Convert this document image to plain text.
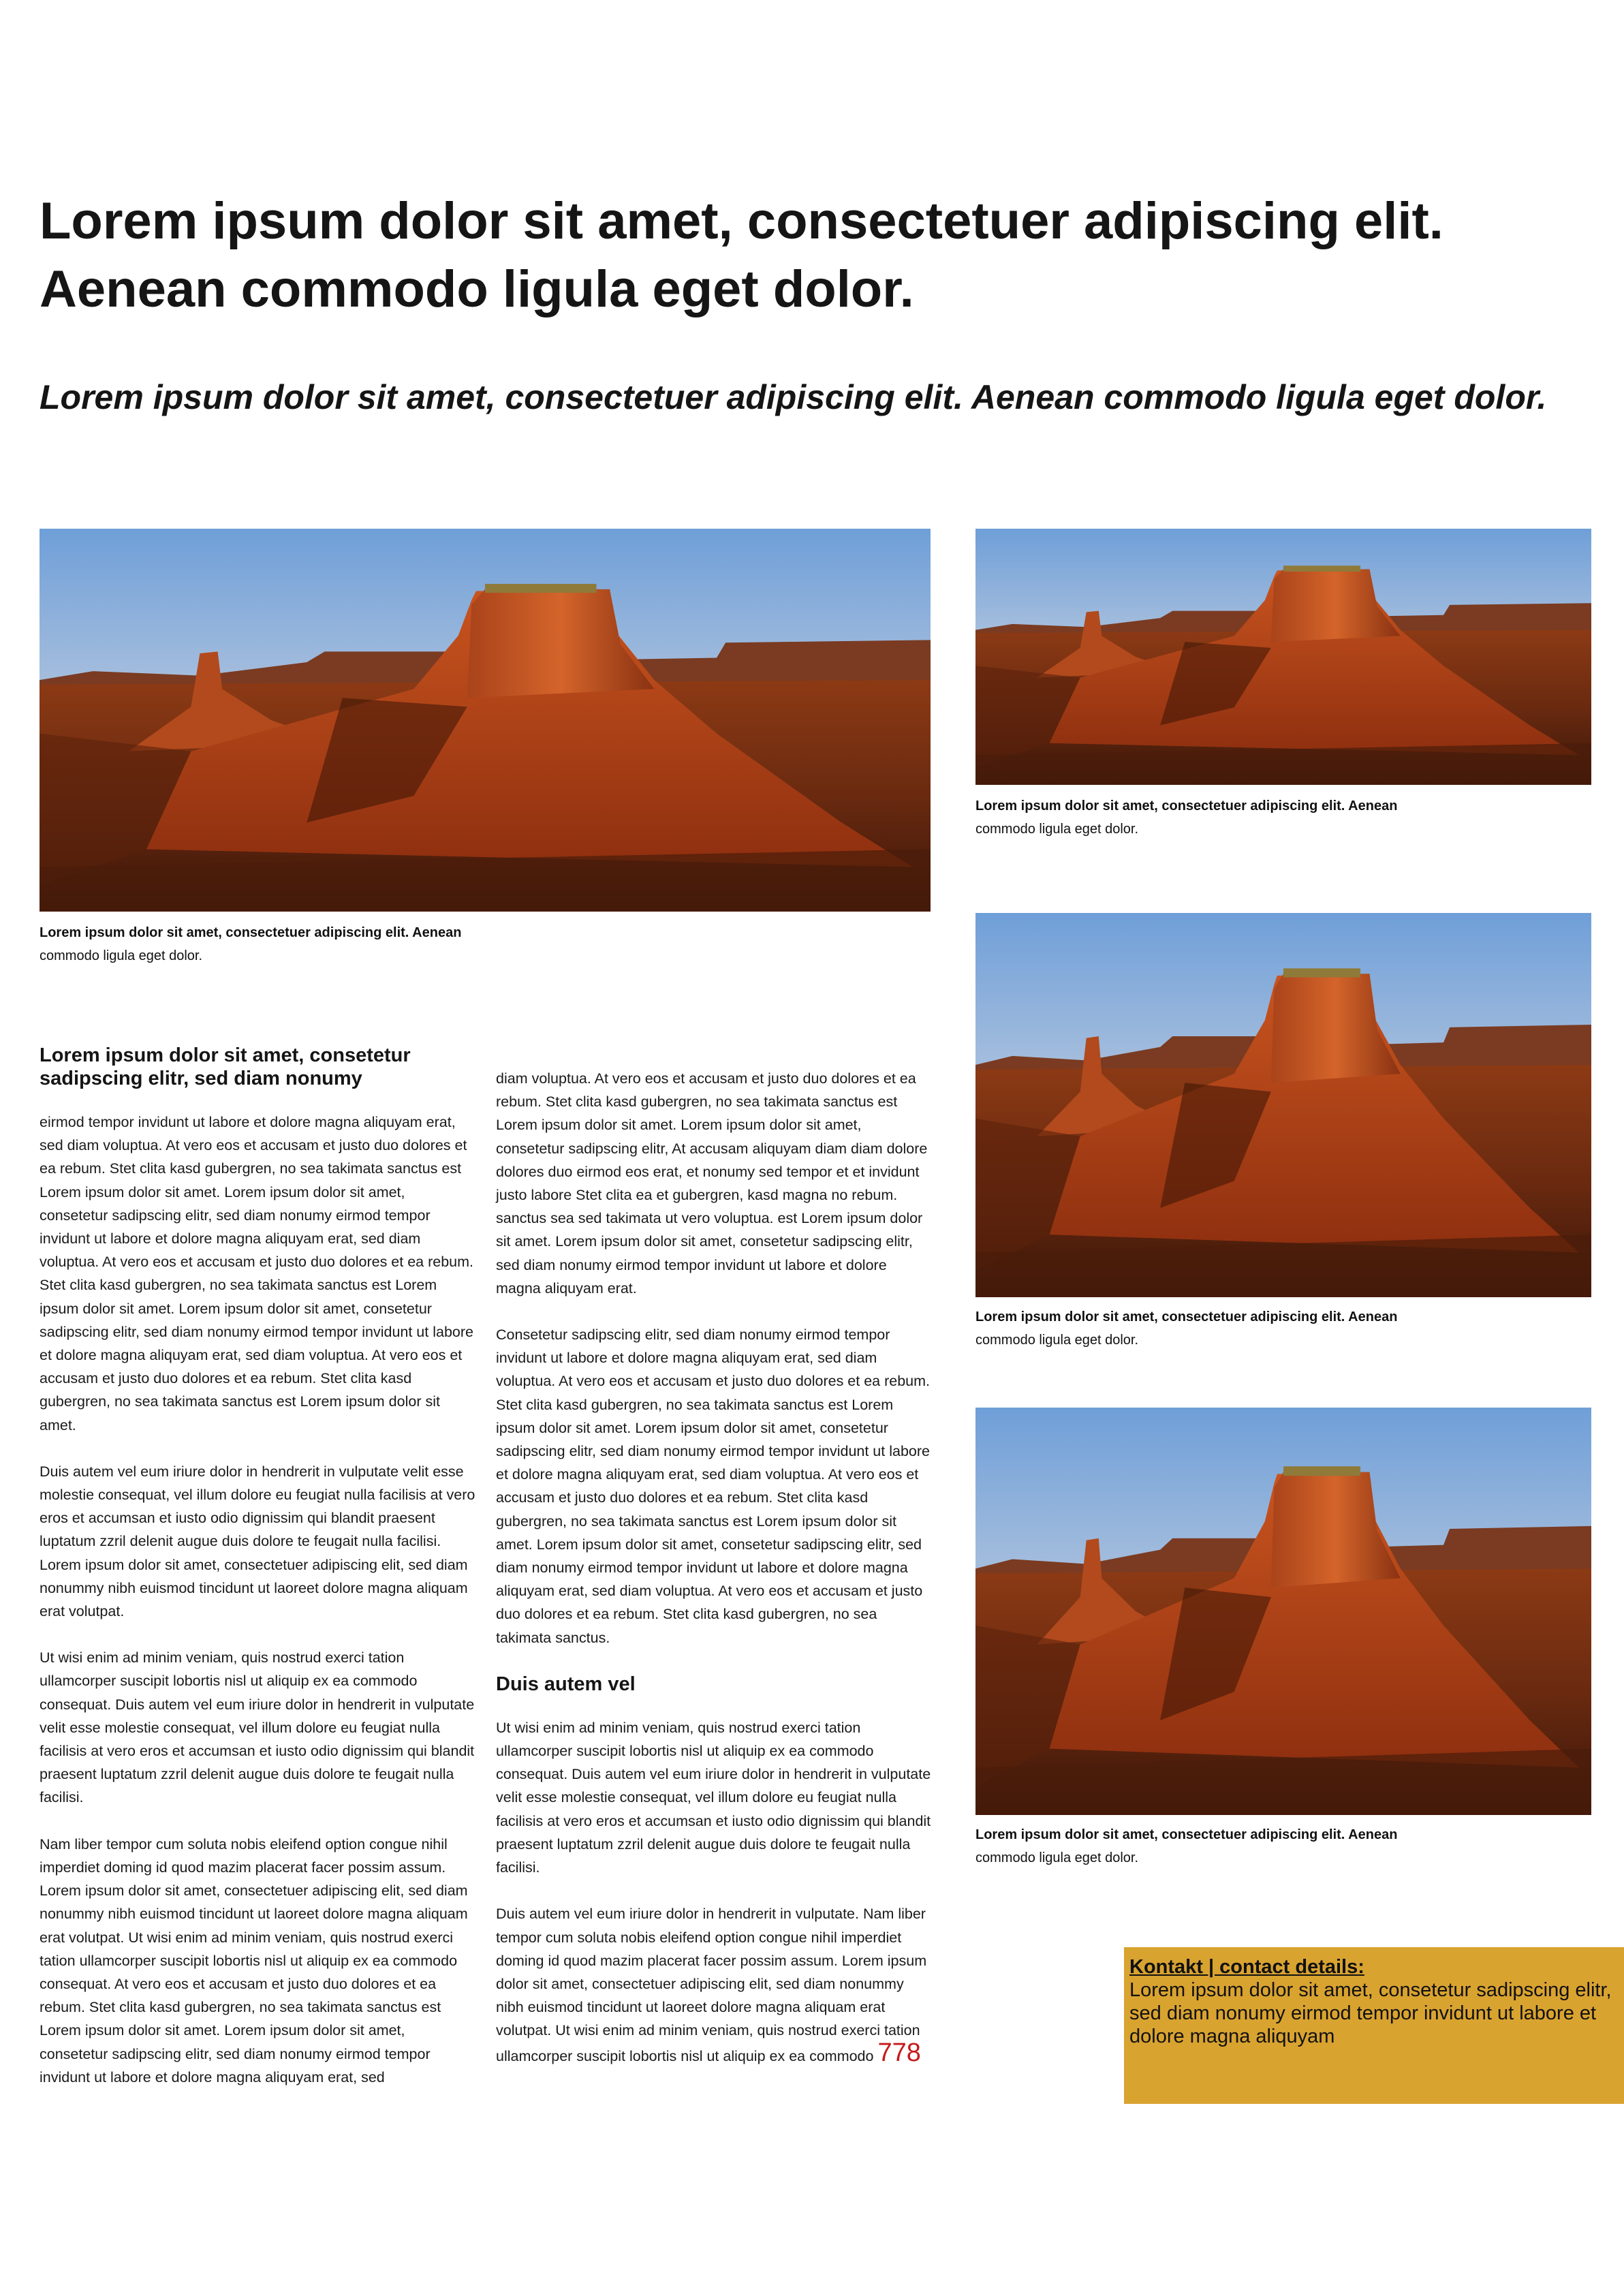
Lorem ipsum dolor sit amet, consectetuer adipiscing elit. Aenean commodo ligula eget dolor.

Lorem ipsum dolor sit amet, consectetuer adipiscing elit. Aenean commodo ligula eget dolor.

Lorem ipsum dolor sit amet, consectetuer adipiscing elit. Aenean
commodo ligula eget dolor.
Lorem ipsum dolor sit amet, consectetuer adipiscing elit. Aenean
commodo ligula eget dolor.
Lorem ipsum dolor sit amet, consectetuer adipiscing elit. Aenean
commodo ligula eget dolor.
Lorem ipsum dolor sit amet, consectetuer adipiscing elit. Aenean
commodo ligula eget dolor.
Lorem ipsum dolor sit amet, consetetur sadipscing elitr, sed diam nonumy

eirmod tempor invidunt ut labore et dolore magna aliquyam erat, sed diam voluptua. At vero eos et accusam et justo duo dolores et ea rebum. Stet clita kasd gubergren, no sea takimata sanctus est Lorem ipsum dolor sit amet. Lorem ipsum dolor sit amet, consetetur sadipscing elitr, sed diam nonumy eirmod tempor invidunt ut labore et dolore magna aliquyam erat, sed diam voluptua. At vero eos et accusam et justo duo dolores et ea rebum. Stet clita kasd gubergren, no sea takimata sanctus est Lorem ipsum dolor sit amet. Lorem ipsum dolor sit amet, consetetur sadipscing elitr, sed diam nonumy eirmod tempor invidunt ut labore et dolore magna aliquyam erat, sed diam voluptua. At vero eos et accusam et justo duo dolores et ea rebum. Stet clita kasd gubergren, no sea takimata sanctus est Lorem ipsum dolor sit amet.

Duis autem vel eum iriure dolor in hendrerit in vulputate velit esse molestie consequat, vel illum dolore eu feugiat nulla facilisis at vero eros et accumsan et iusto odio dignissim qui blandit praesent luptatum zzril delenit augue duis dolore te feugait nulla facilisi. Lorem ipsum dolor sit amet, consectetuer adipiscing elit, sed diam nonummy nibh euismod tincidunt ut laoreet dolore magna aliquam erat volutpat.

Ut wisi enim ad minim veniam, quis nostrud exerci tation ullamcorper suscipit lobortis nisl ut aliquip ex ea commodo consequat. Duis autem vel eum iriure dolor in hendrerit in vulputate velit esse molestie consequat, vel illum dolore eu feugiat nulla facilisis at vero eros et accumsan et iusto odio dignissim qui blandit praesent luptatum zzril delenit augue duis dolore te feugait nulla facilisi.

Nam liber tempor cum soluta nobis eleifend option congue nihil imperdiet doming id quod mazim placerat facer possim assum. Lorem ipsum dolor sit amet, consectetuer adipiscing elit, sed diam nonummy nibh euismod tincidunt ut laoreet dolore magna aliquam erat volutpat. Ut wisi enim ad minim veniam, quis nostrud exerci tation ullamcorper suscipit lobortis nisl ut aliquip ex ea commodo consequat. At vero eos et accusam et justo duo dolores et ea rebum. Stet clita kasd gubergren, no sea takimata sanctus est Lorem ipsum dolor sit amet. Lorem ipsum dolor sit amet, consetetur sadipscing elitr, sed diam nonumy eirmod tempor invidunt ut labore et dolore magna aliquyam erat, sed

diam voluptua. At vero eos et accusam et justo duo dolores et ea rebum. Stet clita kasd gubergren, no sea takimata sanctus est Lorem ipsum dolor sit amet. Lorem ipsum dolor sit amet, consetetur sadipscing elitr, At accusam aliquyam diam diam dolore dolores duo eirmod eos erat, et nonumy sed tempor et et invidunt justo labore Stet clita ea et gubergren, kasd magna no rebum. sanctus sea sed takimata ut vero voluptua. est Lorem ipsum dolor sit amet. Lorem ipsum dolor sit amet, consetetur sadipscing elitr, sed diam nonumy eirmod tempor invidunt ut labore et dolore magna aliquyam erat.

Consetetur sadipscing elitr, sed diam nonumy eirmod tempor invidunt ut labore et dolore magna aliquyam erat, sed diam voluptua. At vero eos et accusam et justo duo dolores et ea rebum. Stet clita kasd gubergren, no sea takimata sanctus est Lorem ipsum dolor sit amet. Lorem ipsum dolor sit amet, consetetur sadipscing elitr, sed diam nonumy eirmod tempor invidunt ut labore et dolore magna aliquyam erat, sed diam voluptua. At vero eos et accusam et justo duo dolores et ea rebum. Stet clita kasd gubergren, no sea takimata sanctus est Lorem ipsum dolor sit amet. Lorem ipsum dolor sit amet, consetetur sadipscing elitr, sed diam nonumy eirmod tempor invidunt ut labore et dolore magna aliquyam erat, sed diam voluptua. At vero eos et accusam et justo duo dolores et ea rebum. Stet clita kasd gubergren, no sea takimata sanctus.

Duis autem vel

Ut wisi enim ad minim veniam, quis nostrud exerci tation ullamcorper suscipit lobortis nisl ut aliquip ex ea commodo consequat. Duis autem vel eum iriure dolor in hendrerit in vulputate velit esse molestie consequat, vel illum dolore eu feugiat nulla facilisis at vero eros et accumsan et iusto odio dignissim qui blandit praesent luptatum zzril delenit augue duis dolore te feugait nulla facilisi.

Duis autem vel eum iriure dolor in hendrerit in vulputate. Nam liber tempor cum soluta nobis eleifend option congue nihil imperdiet doming id quod mazim placerat facer possim assum. Lorem ipsum dolor sit amet, consectetuer adipiscing elit, sed diam nonummy nibh euismod tincidunt ut laoreet dolore magna aliquam erat volutpat. Ut wisi enim ad minim veniam, quis nostrud exerci tation ullamcorper suscipit lobortis nisl ut aliquip ex ea commodo 778

Kontakt | contact details:
Lorem ipsum dolor sit amet, consetetur sadipscing elitr, sed diam nonumy eirmod tempor invidunt ut labore et dolore magna aliquyam
